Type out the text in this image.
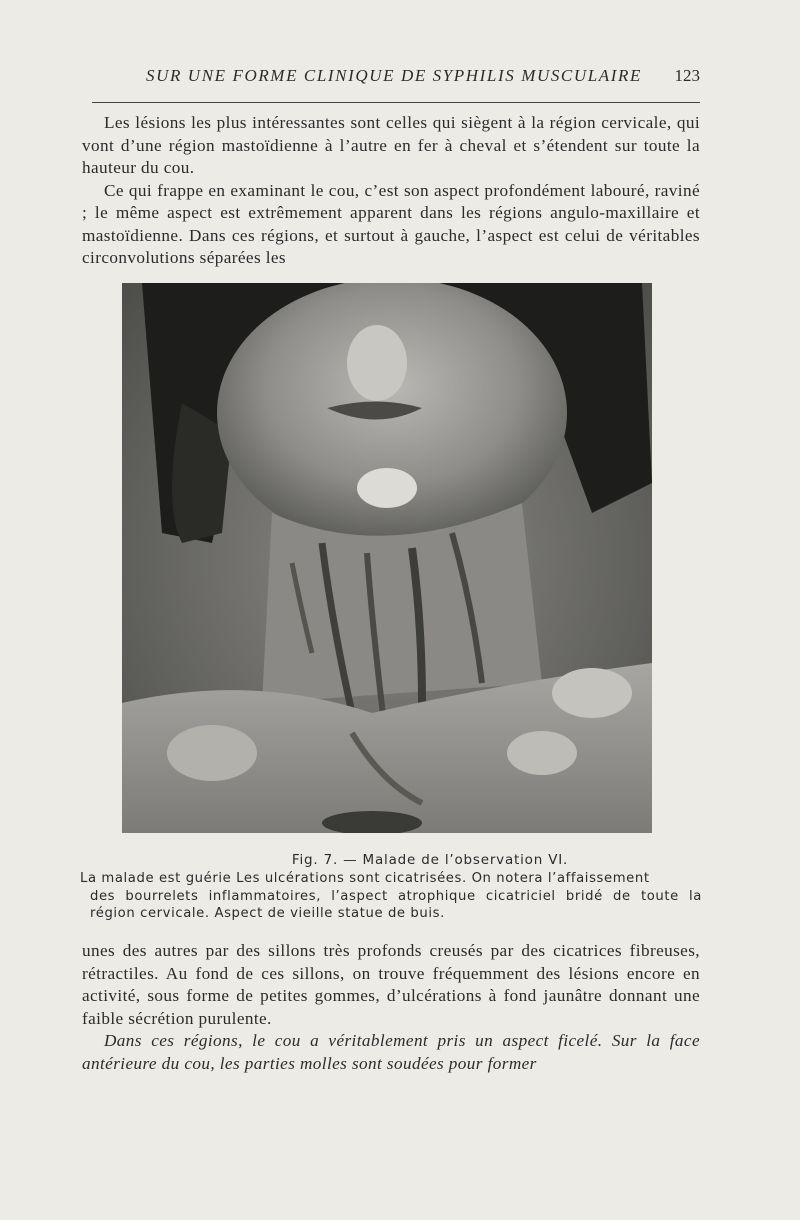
SUR UNE FORME CLINIQUE DE SYPHILIS MUSCULAIRE 123

Les lésions les plus intéressantes sont celles qui siègent à la région cervicale, qui vont d’une région mastoïdienne à l’autre en fer à cheval et s’étendent sur toute la hauteur du cou.

Ce qui frappe en examinant le cou, c’est son aspect profondément labouré, raviné ; le même aspect est extrêmement apparent dans les régions angulo-maxillaire et mastoïdienne. Dans ces régions, et surtout à gauche, l’aspect est celui de véritables circonvolutions séparées les

Fig. 7. — Malade de l’observation VI.
La malade est guérie Les ulcérations sont cicatrisées. On notera l’affaissement
des bourrelets inflammatoires, l’aspect atrophique cicatriciel bridé de toute la région cervicale. Aspect de vieille statue de buis.

unes des autres par des sillons très profonds creusés par des cicatrices fibreuses, rétractiles. Au fond de ces sillons, on trouve fréquemment des lésions encore en activité, sous forme de petites gommes, d’ulcérations à fond jaunâtre donnant une faible sécrétion purulente.

Dans ces régions, le cou a véritablement pris un aspect ficelé. Sur la face antérieure du cou, les parties molles sont soudées pour former
